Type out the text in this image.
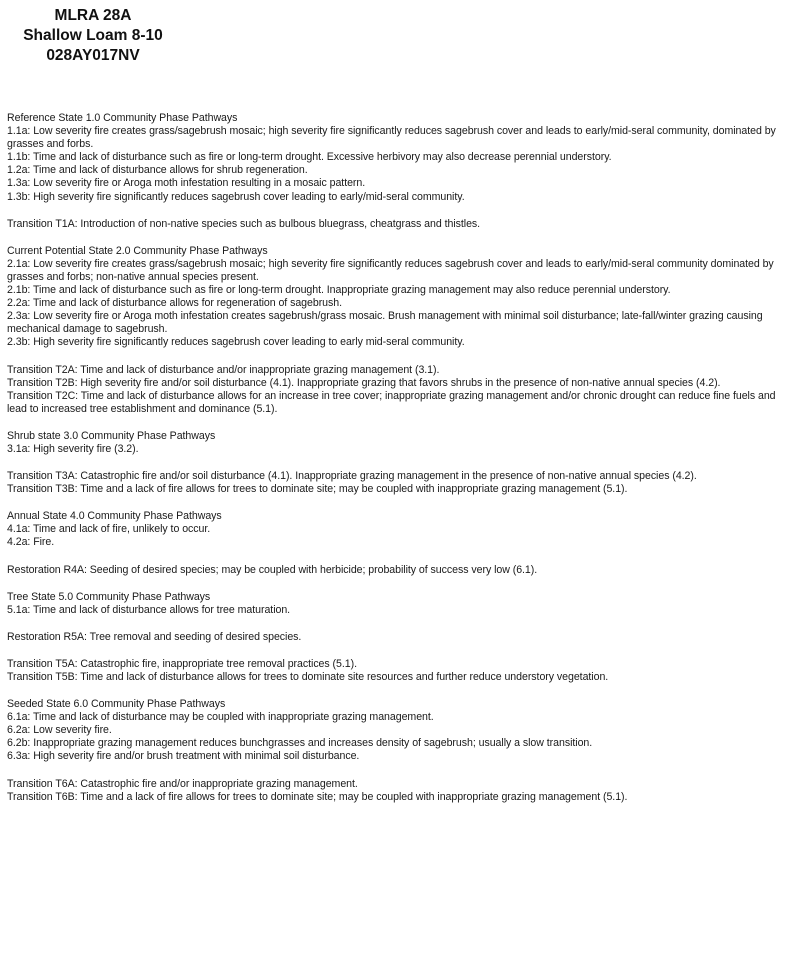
MLRA 28A
Shallow Loam 8-10
028AY017NV

Reference State 1.0 Community Phase Pathways

1.1a: Low severity fire creates grass/sagebrush mosaic; high severity fire significantly reduces sagebrush cover and leads to early/mid-seral community, dominated by grasses and forbs.

1.1b: Time and lack of disturbance such as fire or long-term drought. Excessive herbivory may also decrease perennial understory.

1.2a: Time and lack of disturbance allows for shrub regeneration.

1.3a: Low severity fire or Aroga moth infestation resulting in a mosaic pattern.

1.3b: High severity fire significantly reduces sagebrush cover leading to early/mid-seral community.

Transition T1A: Introduction of non-native species such as bulbous bluegrass, cheatgrass and thistles.

Current Potential State 2.0 Community Phase Pathways

2.1a: Low severity fire creates grass/sagebrush mosaic; high severity fire significantly reduces sagebrush cover and leads to early/mid-seral community dominated by grasses and forbs; non-native annual species present.

2.1b: Time and lack of disturbance such as fire or long-term drought. Inappropriate grazing management may also reduce perennial understory.

2.2a: Time and lack of disturbance allows for regeneration of sagebrush.

2.3a: Low severity fire or Aroga moth infestation creates sagebrush/grass mosaic. Brush management with minimal soil disturbance; late-fall/winter grazing causing mechanical damage to sagebrush.

2.3b: High severity fire significantly reduces sagebrush cover leading to early mid-seral community.

Transition T2A: Time and lack of disturbance and/or inappropriate grazing management (3.1).

Transition T2B: High severity fire and/or soil disturbance (4.1). Inappropriate grazing that favors shrubs in the presence of non-native annual species (4.2).

Transition T2C: Time and lack of disturbance allows for an increase in tree cover; inappropriate grazing management and/or chronic drought can reduce fine fuels and lead to increased tree establishment and dominance (5.1).

Shrub state 3.0 Community Phase Pathways

3.1a: High severity fire (3.2).

Transition T3A: Catastrophic fire and/or soil disturbance (4.1). Inappropriate grazing management in the presence of non-native annual species (4.2).

Transition T3B: Time and a lack of fire allows for trees to dominate site; may be coupled with inappropriate grazing management (5.1).

Annual State 4.0 Community Phase Pathways

4.1a: Time and lack of fire, unlikely to occur.

4.2a: Fire.

Restoration R4A: Seeding of desired species; may be coupled with herbicide; probability of success very low (6.1).

Tree State 5.0 Community Phase Pathways

5.1a: Time and lack of disturbance allows for tree maturation.

Restoration R5A: Tree removal and seeding of desired species.

Transition T5A: Catastrophic fire, inappropriate tree removal practices (5.1).

Transition T5B: Time and lack of disturbance allows for trees to dominate site resources and further reduce understory vegetation.

Seeded State 6.0 Community Phase Pathways

6.1a: Time and lack of disturbance may be coupled with inappropriate grazing management.

6.2a: Low severity fire.

6.2b: Inappropriate grazing management reduces bunchgrasses and increases density of sagebrush; usually a slow transition.

6.3a: High severity fire and/or brush treatment with minimal soil disturbance.

Transition T6A: Catastrophic fire and/or inappropriate grazing management.

Transition T6B: Time and a lack of fire allows for trees to dominate site; may be coupled with inappropriate grazing management (5.1).
